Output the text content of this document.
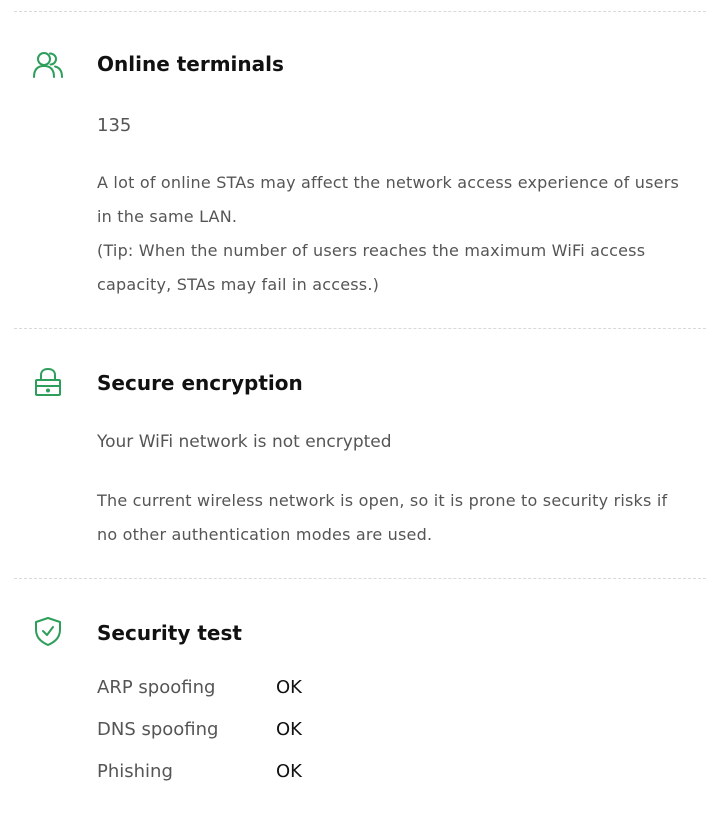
Online terminals
135

A lot of online STAs may affect the network access experience of users in the same LAN.

(Tip: When the number of users reaches the maximum WiFi access capacity, STAs may fail in access.)

Secure encryption
Your WiFi network is not encrypted
The current wireless network is open, so it is prone to security risks if no other authentication modes are used.
Security test
ARP spoofing	OK
DNS spoofing	OK
Phishing	OK
